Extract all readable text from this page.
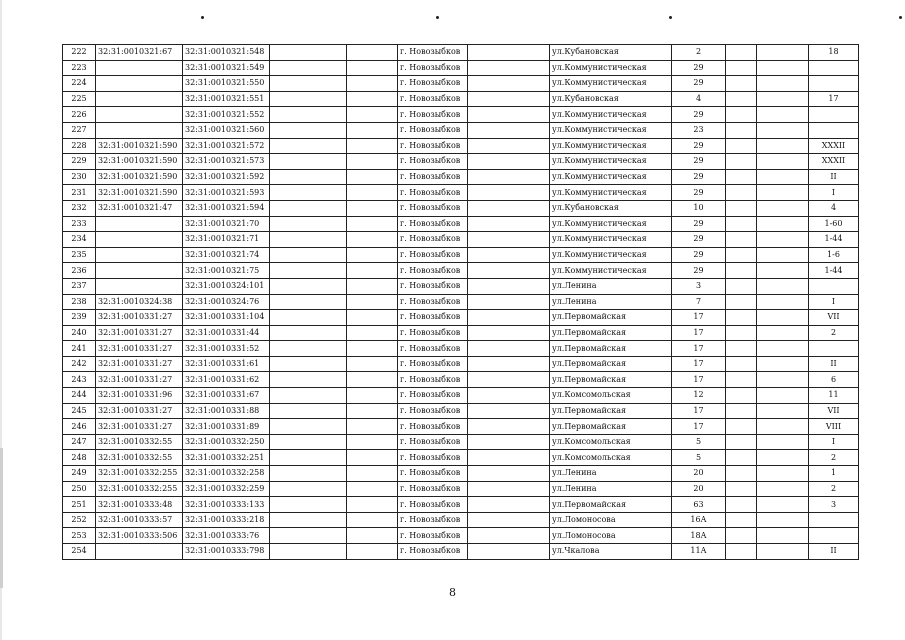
222	32:31:0010321:67	32:31:0010321:548			г. Новозыбков		ул.Кубановская	2			18
223		32:31:0010321:549			г. Новозыбков		ул.Коммунистическая	29			
224		32:31:0010321:550			г. Новозыбков		ул.Коммунистическая	29			
225		32:31:0010321:551			г. Новозыбков		ул.Кубановская	4			17
226		32:31:0010321:552			г. Новозыбков		ул.Коммунистическая	29			
227		32:31:0010321:560			г. Новозыбков		ул.Коммунистическая	23			
228	32:31:0010321:590	32:31:0010321:572			г. Новозыбков		ул.Коммунистическая	29			XXXII
229	32:31:0010321:590	32:31:0010321:573			г. Новозыбков		ул.Коммунистическая	29			XXXII
230	32:31:0010321:590	32:31:0010321:592			г. Новозыбков		ул.Коммунистическая	29			II
231	32:31:0010321:590	32:31:0010321:593			г. Новозыбков		ул.Коммунистическая	29			I
232	32:31:0010321:47	32:31:0010321:594			г. Новозыбков		ул.Кубановская	10			4
233		32:31:0010321:70			г. Новозыбков		ул.Коммунистическая	29			1-60
234		32:31:0010321:71			г. Новозыбков		ул.Коммунистическая	29			1-44
235		32:31:0010321:74			г. Новозыбков		ул.Коммунистическая	29			1-6
236		32:31:0010321:75			г. Новозыбков		ул.Коммунистическая	29			1-44
237		32:31:0010324:101			г. Новозыбков		ул.Ленина	3			
238	32:31:0010324:38	32:31:0010324:76			г. Новозыбков		ул.Ленина	7			I
239	32:31:0010331:27	32:31:0010331:104			г. Новозыбков		ул.Первомайская	17			VII
240	32:31:0010331:27	32:31:0010331:44			г. Новозыбков		ул.Первомайская	17			2
241	32:31:0010331:27	32:31:0010331:52			г. Новозыбков		ул.Первомайская	17			
242	32:31:0010331:27	32:31:0010331:61			г. Новозыбков		ул.Первомайская	17			II
243	32:31:0010331:27	32:31:0010331:62			г. Новозыбков		ул.Первомайская	17			6
244	32:31:0010331:96	32:31:0010331:67			г. Новозыбков		ул.Комсомольская	12			11
245	32:31:0010331:27	32:31:0010331:88			г. Новозыбков		ул.Первомайская	17			VII
246	32:31:0010331:27	32:31:0010331:89			г. Новозыбков		ул.Первомайская	17			VIII
247	32:31:0010332:55	32:31:0010332:250			г. Новозыбков		ул.Комсомольская	5			I
248	32:31:0010332:55	32:31:0010332:251			г. Новозыбков		ул.Комсомольская	5			2
249	32:31:0010332:255	32:31:0010332:258			г. Новозыбков		ул.Ленина	20			1
250	32:31:0010332:255	32:31:0010332:259			г. Новозыбков		ул.Ленина	20			2
251	32:31:0010333:48	32:31:0010333:133			г. Новозыбков		ул.Первомайская	63			3
252	32:31:0010333:57	32:31:0010333:218			г. Новозыбков		ул.Ломоносова	16А			
253	32:31:0010333:506	32:31:0010333:76			г. Новозыбков		ул.Ломоносова	18А			
254		32:31:0010333:798			г. Новозыбков		ул.Чкалова	11А			II
8
